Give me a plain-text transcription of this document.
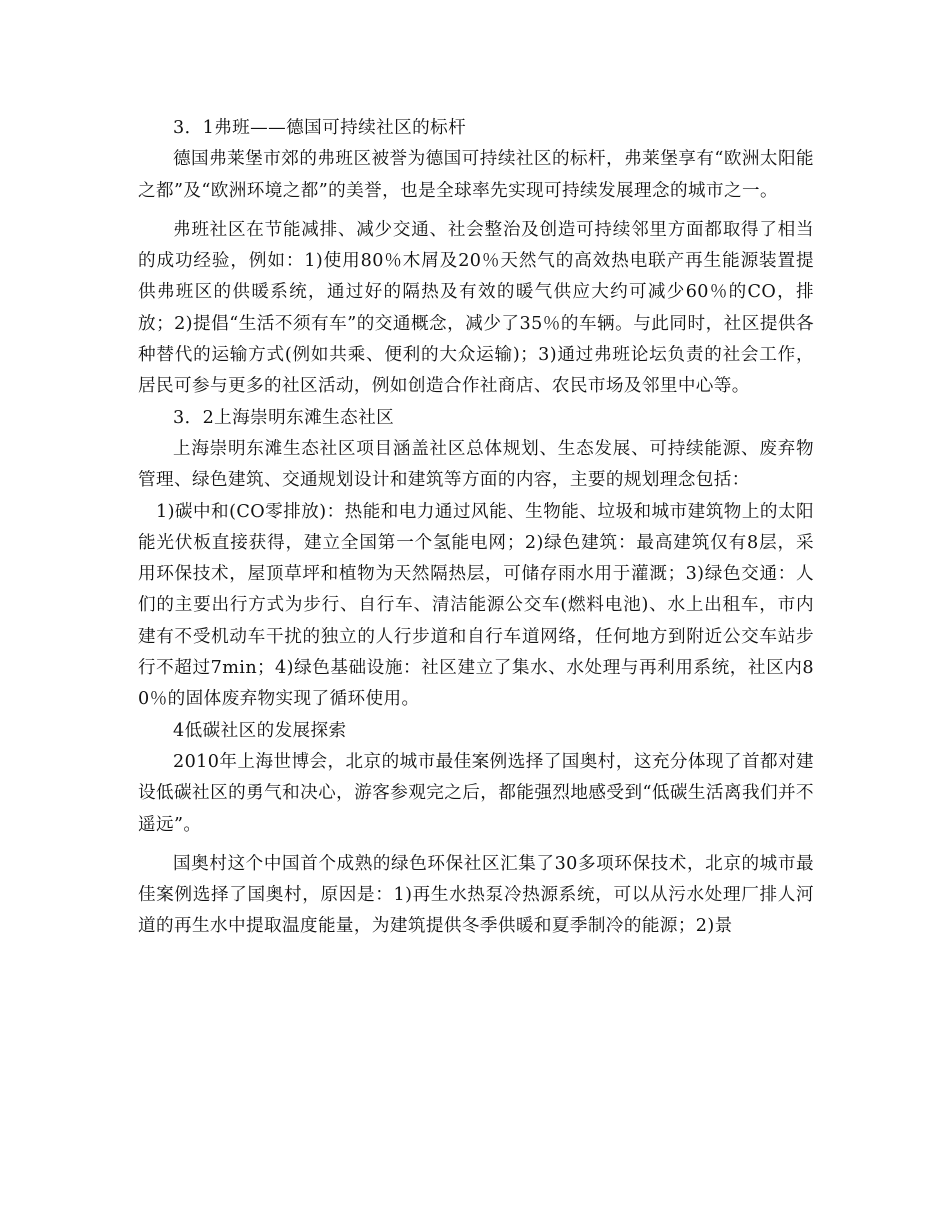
3．1弗班——德国可持续社区的标杆

德国弗莱堡市郊的弗班区被誉为德国可持续社区的标杆，弗莱堡享有“欧洲太阳能之都”及“欧洲环境之都”的美誉，也是全球率先实现可持续发展理念的城市之一。

弗班社区在节能减排、减少交通、社会整治及创造可持续邻里方面都取得了相当的成功经验，例如：1)使用80％木屑及20％天然气的高效热电联产再生能源装置提供弗班区的供暖系统，通过好的隔热及有效的暖气供应大约可减少60％的CO，排放；2)提倡“生活不须有车”的交通概念，减少了35％的车辆。与此同时，社区提供各种替代的运输方式(例如共乘、便利的大众运输)；3)通过弗班论坛负责的社会工作，居民可参与更多的社区活动，例如创造合作社商店、农民市场及邻里中心等。

3．2上海崇明东滩生态社区

上海崇明东滩生态社区项目涵盖社区总体规划、生态发展、可持续能源、废弃物管理、绿色建筑、交通规划设计和建筑等方面的内容，主要的规划理念包括：

1)碳中和(CO零排放)：热能和电力通过风能、生物能、垃圾和城市建筑物上的太阳能光伏板直接获得，建立全国第一个氢能电网；2)绿色建筑：最高建筑仅有8层，采用环保技术，屋顶草坪和植物为天然隔热层，可储存雨水用于灌溉；3)绿色交通：人们的主要出行方式为步行、自行车、清洁能源公交车(燃料电池)、水上出租车，市内建有不受机动车干扰的独立的人行步道和自行车道网络，任何地方到附近公交车站步行不超过7min；4)绿色基础设施：社区建立了集水、水处理与再利用系统，社区内80％的固体废弃物实现了循环使用。

4低碳社区的发展探索

2010年上海世博会，北京的城市最佳案例选择了国奥村，这充分体现了首都对建设低碳社区的勇气和决心，游客参观完之后，都能强烈地感受到“低碳生活离我们并不遥远”。

国奥村这个中国首个成熟的绿色环保社区汇集了30多项环保技术，北京的城市最佳案例选择了国奥村，原因是：1)再生水热泵冷热源系统，可以从污水处理厂排人河道的再生水中提取温度能量，为建筑提供冬季供暖和夏季制冷的能源；2)景
